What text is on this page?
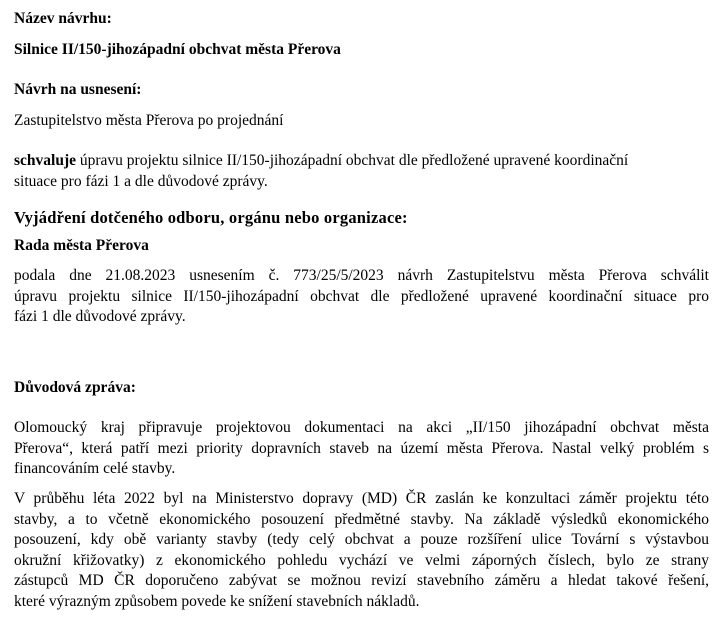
Název návrhu:
Silnice II/150-jihozápadní obchvat města Přerova
Návrh na usnesení:
Zastupitelstvo města Přerova po projednání
schvaluje úpravu projektu silnice II/150-jihozápadní obchvat dle předložené upravené koordinační
situace pro fázi 1 a dle důvodové zprávy.
Vyjádření dotčeného odboru, orgánu nebo organizace:
Rada města Přerova
podala dne 21.08.2023 usnesením č. 773/25/5/2023 návrh Zastupitelstvu města Přerova schválit
úpravu projektu silnice II/150-jihozápadní obchvat dle předložené upravené koordinační situace pro
fázi 1 dle důvodové zprávy.
Důvodová zpráva:
Olomoucký kraj připravuje projektovou dokumentaci na akci „II/150 jihozápadní obchvat města
Přerova“, která patří mezi priority dopravních staveb na území města Přerova. Nastal velký problém s
financováním celé stavby.
V průběhu léta 2022 byl na Ministerstvo dopravy (MD) ČR zaslán ke konzultaci záměr projektu této
stavby, a to včetně ekonomického posouzení předmětné stavby. Na základě výsledků ekonomického
posouzení, kdy obě varianty stavby (tedy celý obchvat a pouze rozšíření ulice Tovární s výstavbou
okružní křižovatky) z ekonomického pohledu vychází ve velmi záporných číslech, bylo ze strany
zástupců MD ČR doporučeno zabývat se možnou revizí stavebního záměru a hledat takové řešení,
které výrazným způsobem povede ke snížení stavebních nákladů.
